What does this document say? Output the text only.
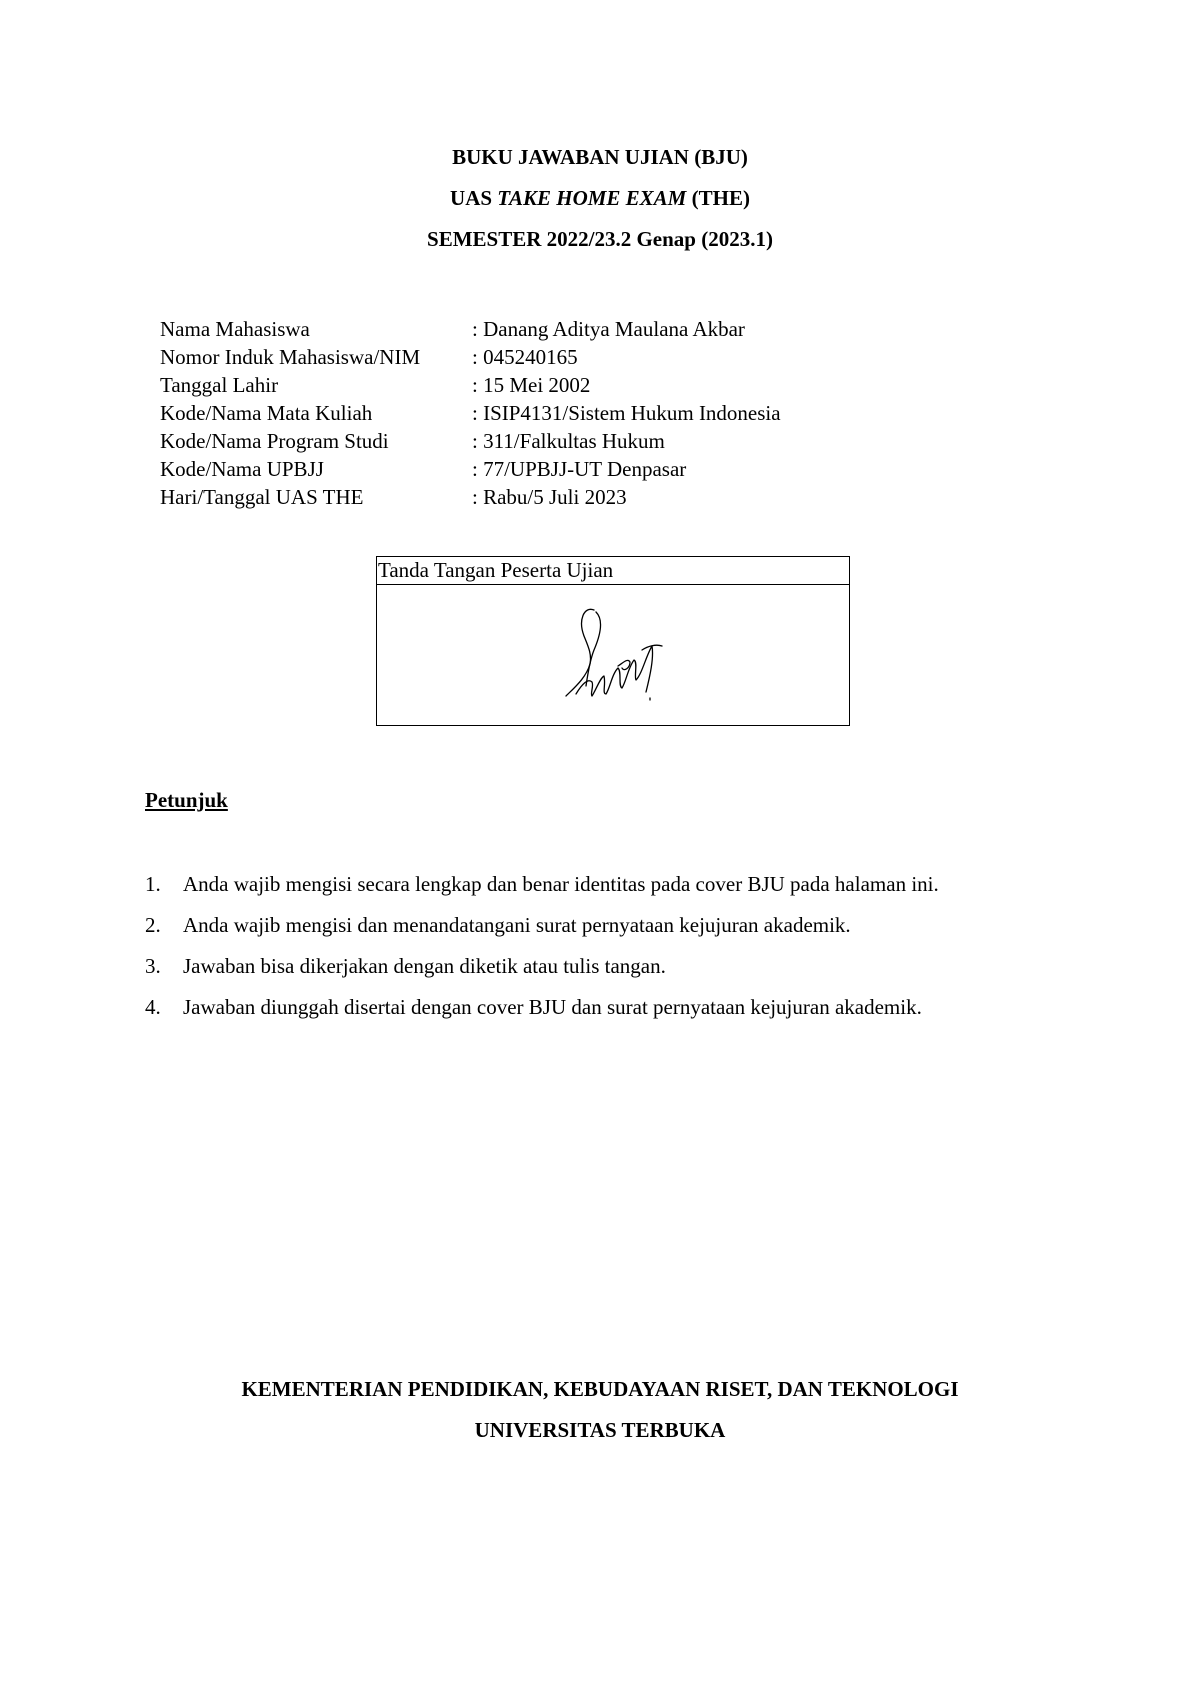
BUKU JAWABAN UJIAN (BJU)
UAS TAKE HOME EXAM (THE)
SEMESTER 2022/23.2 Genap (2023.1)
Nama Mahasiswa	: Danang Aditya Maulana Akbar
Nomor Induk Mahasiswa/NIM	: 045240165
Tanggal Lahir	: 15 Mei 2002
Kode/Nama Mata Kuliah	: ISIP4131/Sistem Hukum Indonesia
Kode/Nama Program Studi	: 311/Falkultas Hukum
Kode/Nama UPBJJ	: 77/UPBJJ-UT Denpasar
Hari/Tanggal UAS THE	: Rabu/5 Juli 2023
Tanda Tangan Peserta Ujian
Petunjuk
1.	Anda wajib mengisi secara lengkap dan benar identitas pada cover BJU pada halaman ini.
2.	Anda wajib mengisi dan menandatangani surat pernyataan kejujuran akademik.
3.	Jawaban bisa dikerjakan dengan diketik atau tulis tangan.
4.	Jawaban diunggah disertai dengan cover BJU dan surat pernyataan kejujuran akademik.
KEMENTERIAN PENDIDIKAN, KEBUDAYAAN RISET, DAN TEKNOLOGI
UNIVERSITAS TERBUKA
